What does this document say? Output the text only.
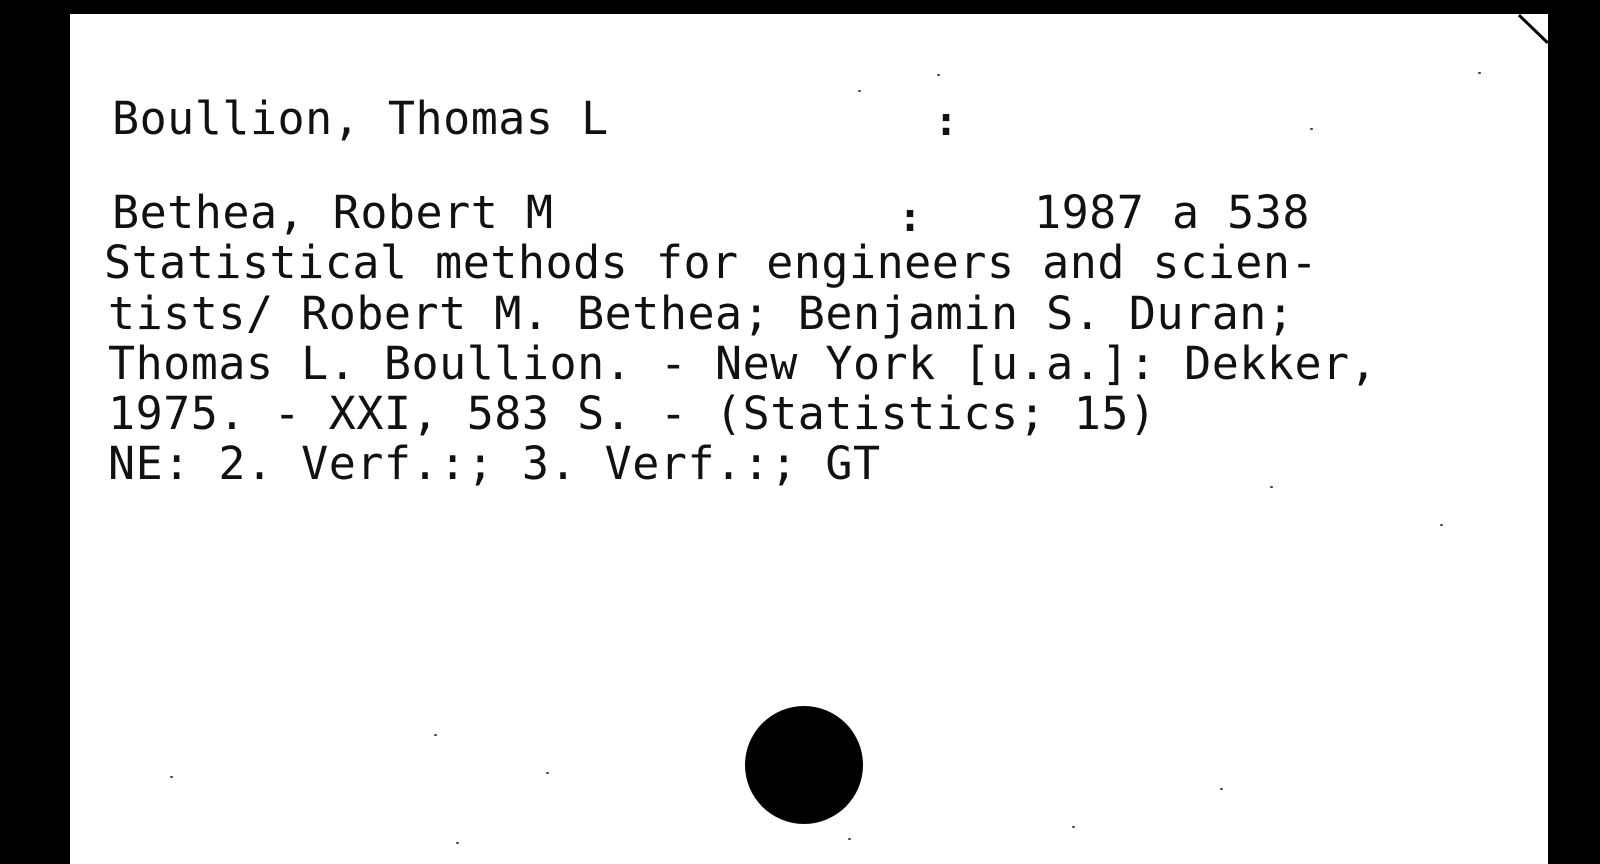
Boullion, Thomas L	:
Bethea, Robert M	: 1987 a 538
Statistical methods for engineers and scien-
tists/ Robert M. Bethea; Benjamin S. Duran;
Thomas L. Boullion. - New York [u.a.]: Dekker,
1975. - XXI, 583 S. - (Statistics; 15)
NE: 2. Verf.:; 3. Verf.:; GT
